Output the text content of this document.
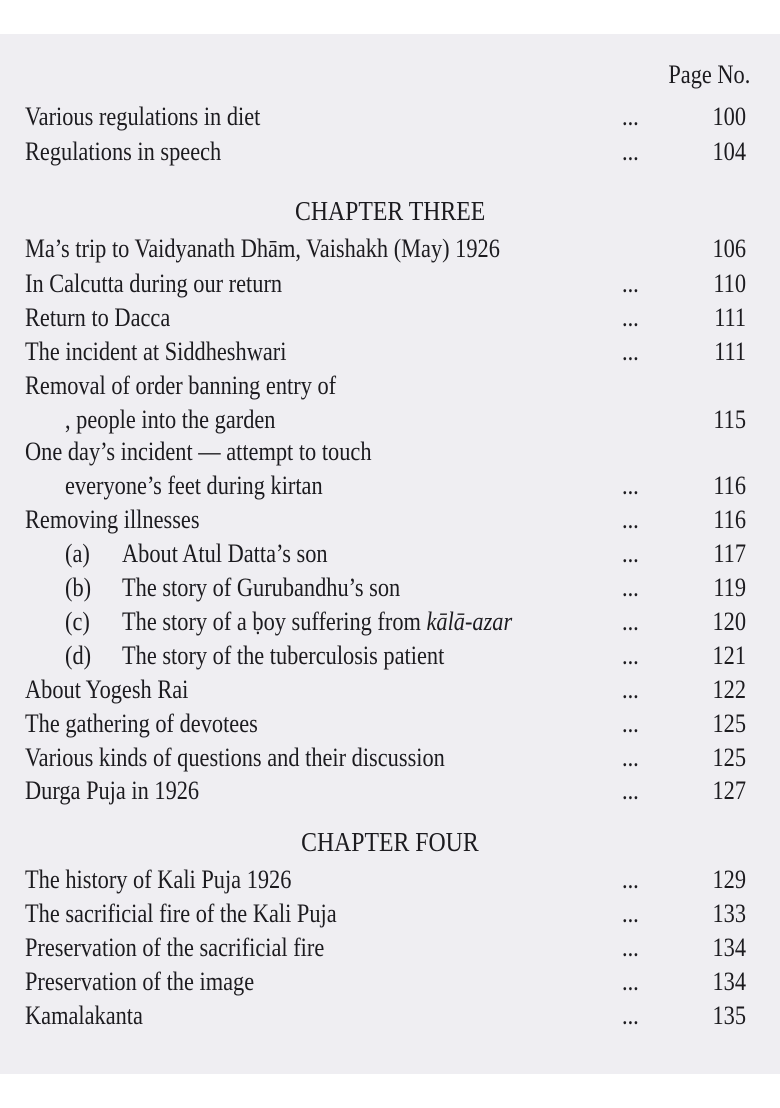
Page No.
Various regulations in diet	...	100
Regulations in speech	...	104
CHAPTER THREE
Ma’s trip to Vaidyanath Dhām, Vaishakh (May) 1926	106
In Calcutta during our return	...	110
Return to Dacca	...	111
The incident at Siddheshwari	...	111
Removal of order banning entry of
, people into the garden	115
One day’s incident — attempt to touch
everyone’s feet during kirtan	...	116
Removing illnesses	...	116
(a) About Atul Datta’s son	...	117
(b) The story of Gurubandhu’s son	...	119
(c) The story of a ḅoy suffering from kālā-azar	...	120
(d) The story of the tuberculosis patient	...	121
About Yogesh Rai	...	122
The gathering of devotees	...	125
Various kinds of questions and their discussion	...	125
Durga Puja in 1926	...	127
CHAPTER FOUR
The history of Kali Puja 1926	...	129
The sacrificial fire of the Kali Puja	...	133
Preservation of the sacrificial fire	...	134
Preservation of the image	...	134
Kamalakanta	...	135
